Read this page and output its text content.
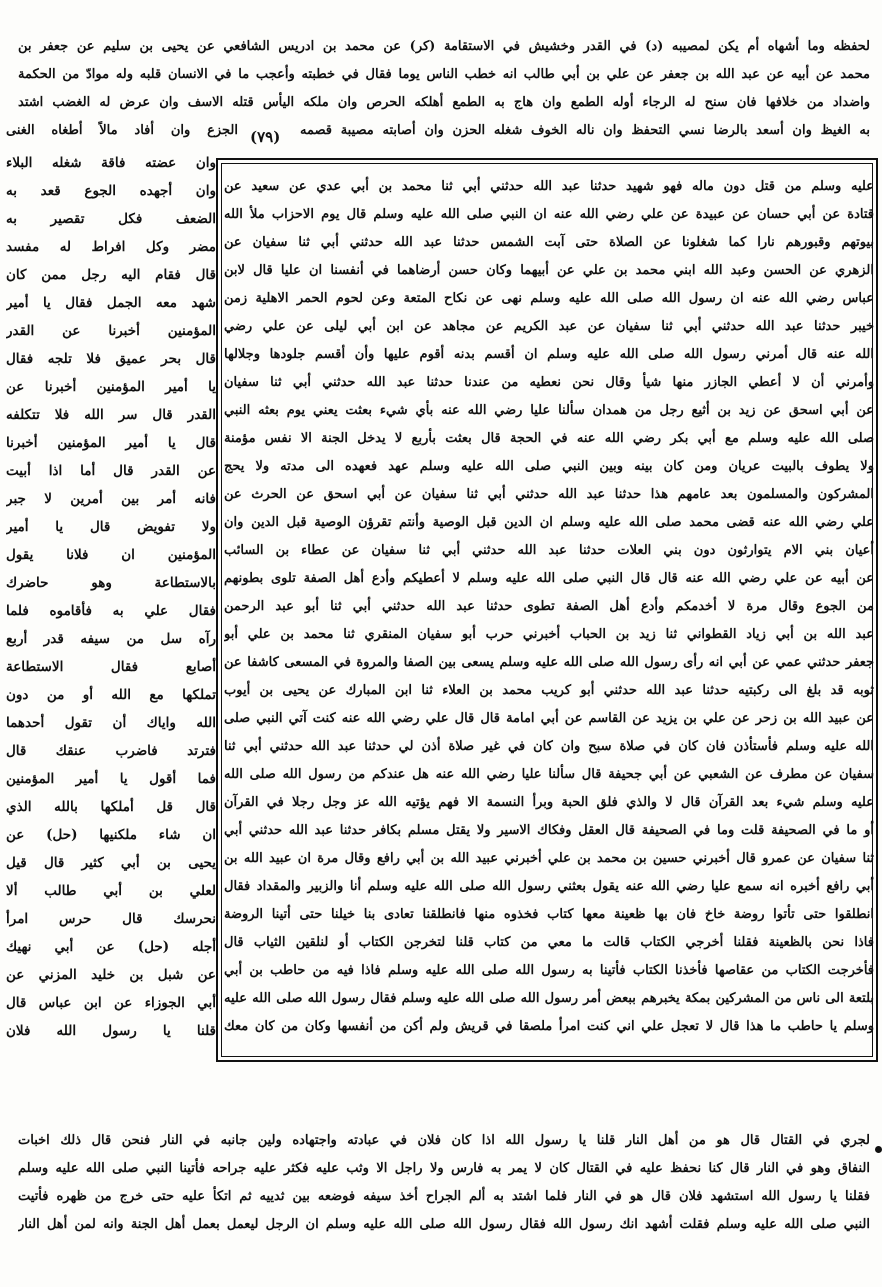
لحفظه وما أشهاه أم يكن لمصيبه (د) في القدر وخشيش في الاستقامة (كر) عن محمد بن ادريس الشافعي عن يحيى بن سليم عن جعفر بن
محمد عن أبيه عن عبد الله بن جعفر عن علي بن أبي طالب انه خطب الناس يوما فقال في خطبته وأعجب ما في الانسان قلبه وله موادّ من الحكمة
واضداد من خلافها فان سنح له الرجاء أوله الطمع وان هاج به الطمع أهلكه الحرص وان ملكه اليأس قتله الاسف وان عرض له الغضب اشتد
به الغيظ وان أسعد بالرضا نسي التحفظ وان ناله الخوف شغله الحزن وان أصابته مصيبة قصمه
(٧٩)
الجزع وان أفاد مالاً أطغاه الغنى
عليه وسلم من قتل دون ماله فهو شهيد حدثنا عبد الله حدثني أبي ثنا محمد بن أبي عدي عن سعيد عن
قتادة عن أبي حسان عن عبيدة عن علي رضي الله عنه ان النبي صلى الله عليه وسلم قال يوم الاحزاب ملأ الله
بيوتهم وقبورهم نارا كما شغلونا عن الصلاة حتى آبت الشمس حدثنا عبد الله حدثني أبي ثنا سفيان عن
الزهري عن الحسن وعبد الله ابني محمد بن علي عن أبيهما وكان حسن أرضاهما في أنفسنا ان عليا قال لابن
عباس رضي الله عنه ان رسول الله صلى الله عليه وسلم نهى عن نكاح المتعة وعن لحوم الحمر الاهلية زمن
خيبر حدثنا عبد الله حدثني أبي ثنا سفيان عن عبد الكريم عن مجاهد عن ابن أبي ليلى عن علي رضي
الله عنه قال أمرني رسول الله صلى الله عليه وسلم ان أقسم بدنه أقوم عليها وأن أقسم جلودها وجلالها
وأمرني أن لا أعطي الجازر منها شيأ وقال نحن نعطيه من عندنا حدثنا عبد الله حدثني أبي ثنا سفيان
عن أبي اسحق عن زيد بن أثيع رجل من همدان سألنا عليا رضي الله عنه بأي شيء بعثت يعني يوم بعثه النبي
صلى الله عليه وسلم مع أبي بكر رضي الله عنه في الحجة قال بعثت بأربع لا يدخل الجنة الا نفس مؤمنة
ولا يطوف بالبيت عريان ومن كان بينه وبين النبي صلى الله عليه وسلم عهد فعهده الى مدته ولا يحج
المشركون والمسلمون بعد عامهم هذا حدثنا عبد الله حدثني أبي ثنا سفيان عن أبي اسحق عن الحرث عن
علي رضي الله عنه قضى محمد صلى الله عليه وسلم ان الدين قبل الوصية وأنتم تقرؤن الوصية قبل الدين وان
أعيان بني الام يتوارثون دون بني العلات حدثنا عبد الله حدثني أبي ثنا سفيان عن عطاء بن السائب
عن أبيه عن علي رضي الله عنه قال قال النبي صلى الله عليه وسلم لا أعطيكم وأدع أهل الصفة تلوى بطونهم
من الجوع وقال مرة لا أخدمكم وأدع أهل الصفة تطوى حدثنا عبد الله حدثني أبي ثنا أبو عبد الرحمن
عبد الله بن أبي زياد القطواني ثنا زيد بن الحباب أخبرني حرب أبو سفيان المنقري ثنا محمد بن علي أبو
جعفر حدثني عمي عن أبي انه رأى رسول الله صلى الله عليه وسلم يسعى بين الصفا والمروة في المسعى كاشفا عن
ثوبه قد بلغ الى ركبتيه حدثنا عبد الله حدثني أبو كريب محمد بن العلاء ثنا ابن المبارك عن يحيى بن أيوب
عن عبيد الله بن زحر عن علي بن يزيد عن القاسم عن أبي امامة قال قال علي رضي الله عنه كنت آتي النبي صلى
الله عليه وسلم فأستأذن فان كان في صلاة سبح وان كان في غير صلاة أذن لي حدثنا عبد الله حدثني أبي ثنا
سفيان عن مطرف عن الشعبي عن أبي جحيفة قال سألنا عليا رضي الله عنه هل عندكم من رسول الله صلى الله
عليه وسلم شيء بعد القرآن قال لا والذي فلق الحبة وبرأ النسمة الا فهم يؤتيه الله عز وجل رجلا في القرآن
أو ما في الصحيفة قلت وما في الصحيفة قال العقل وفكاك الاسير ولا يقتل مسلم بكافر حدثنا عبد الله حدثني أبي
ثنا سفيان عن عمرو قال أخبرني حسين بن محمد بن علي أخبرني عبيد الله بن أبي رافع وقال مرة ان عبيد الله بن
أبي رافع أخبره انه سمع عليا رضي الله عنه يقول بعثني رسول الله صلى الله عليه وسلم أنا والزبير والمقداد فقال
انطلقوا حتى تأتوا روضة خاخ فان بها ظعينة معها كتاب فخذوه منها فانطلقنا تعادى بنا خيلنا حتى أتينا الروضة
فاذا نحن بالظعينة فقلنا أخرجي الكتاب قالت ما معي من كتاب قلنا لتخرجن الكتاب أو لنلقين الثياب قال
فأخرجت الكتاب من عقاصها فأخذنا الكتاب فأتينا به رسول الله صلى الله عليه وسلم فاذا فيه من حاطب بن أبي
بلتعة الى ناس من المشركين بمكة يخبرهم ببعض أمر رسول الله صلى الله عليه وسلم فقال رسول الله صلى الله عليه
وسلم يا حاطب ما هذا قال لا تعجل علي اني كنت امرأ ملصقا في قريش ولم أكن من أنفسها وكان من كان معك
وان عضته فاقة شغله البلاء
وان أجهده الجوع قعد به
الضعف فكل تقصير به
مضر وكل افراط له مفسد
قال فقام اليه رجل ممن كان
شهد معه الجمل فقال يا أمير
المؤمنين أخبرنا عن القدر
قال بحر عميق فلا تلجه فقال
يا أمير المؤمنين أخبرنا عن
القدر قال سر الله فلا تتكلفه
قال يا أمير المؤمنين أخبرنا
عن القدر قال أما اذا أبيت
فانه أمر بين أمرين لا جبر
ولا تفويض قال يا أمير
المؤمنين ان فلانا يقول
بالاستطاعة وهو حاضرك
فقال علي به فأقاموه فلما
رآه سل من سيفه قدر أربع
أصابع فقال الاستطاعة
تملكها مع الله أو من دون
الله واياك أن تقول أحدهما
فترتد فاضرب عنقك قال
فما أقول يا أمير المؤمنين
قال قل أملكها بالله الذي
ان شاء ملكنيها (حل) عن
يحيى بن أبي كثير قال قيل
لعلي بن أبي طالب ألا
نحرسك قال حرس امرأ
أجله (حل) عن أبي نهيك
عن شبل بن خليد المزني عن
أبي الجوزاء عن ابن عباس قال
قلنا يا رسول الله فلان
لجري في القتال قال هو من أهل النار قلنا يا رسول الله اذا كان فلان في عبادته واجتهاده ولين جانبه في النار فنحن قال ذلك اخبات
النفاق وهو في النار قال كنا نحفظ عليه في القتال كان لا يمر به فارس ولا راجل الا وثب عليه فكثر عليه جراحه فأتينا النبي صلى الله عليه وسلم
فقلنا يا رسول الله استشهد فلان قال هو في النار فلما اشتد به ألم الجراح أخذ سيفه فوضعه بين ثدييه ثم اتكأ عليه حتى خرج من ظهره فأتيت
النبي صلى الله عليه وسلم فقلت أشهد انك رسول الله فقال رسول الله صلى الله عليه وسلم ان الرجل ليعمل بعمل أهل الجنة وانه لمن أهل النار
